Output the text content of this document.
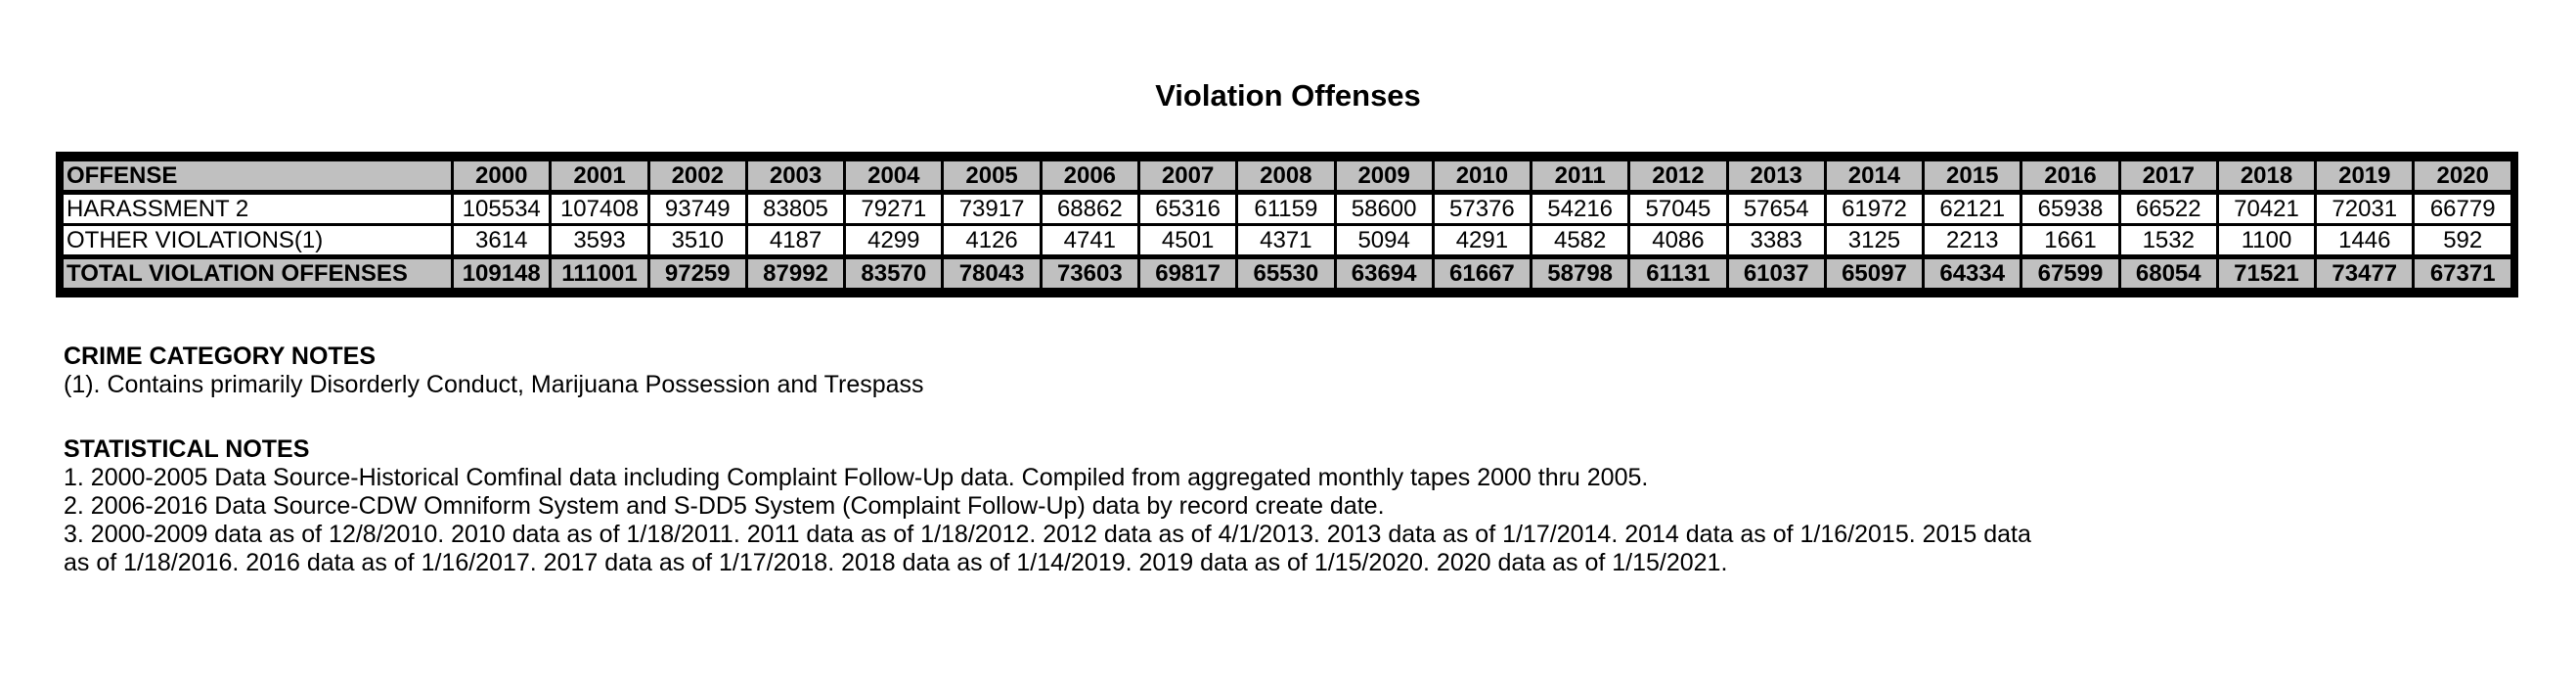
Violation Offenses
OFFENSE	2000	2001	2002	2003	2004	2005	2006	2007	2008	2009	2010	2011	2012	2013	2014	2015	2016	2017	2018	2019	2020
HARASSMENT 2	105534	107408	93749	83805	79271	73917	68862	65316	61159	58600	57376	54216	57045	57654	61972	62121	65938	66522	70421	72031	66779
OTHER VIOLATIONS(1)	3614	3593	3510	4187	4299	4126	4741	4501	4371	5094	4291	4582	4086	3383	3125	2213	1661	1532	1100	1446	592
TOTAL VIOLATION OFFENSES	109148	111001	97259	87992	83570	78043	73603	69817	65530	63694	61667	58798	61131	61037	65097	64334	67599	68054	71521	73477	67371
CRIME CATEGORY NOTES
(1). Contains primarily Disorderly Conduct, Marijuana Possession and Trespass
STATISTICAL NOTES
1. 2000-2005 Data Source-Historical Comfinal data including Complaint Follow-Up data. Compiled from aggregated monthly tapes 2000 thru 2005.
2. 2006-2016 Data Source-CDW Omniform System and S-DD5 System (Complaint Follow-Up) data by record create date.
3. 2000-2009 data as of 12/8/2010. 2010 data as of 1/18/2011. 2011 data as of 1/18/2012. 2012 data as of 4/1/2013. 2013 data as of 1/17/2014. 2014 data as of 1/16/2015. 2015 data
as of 1/18/2016. 2016 data as of 1/16/2017. 2017 data as of 1/17/2018. 2018 data as of 1/14/2019. 2019 data as of 1/15/2020. 2020 data as of 1/15/2021.
